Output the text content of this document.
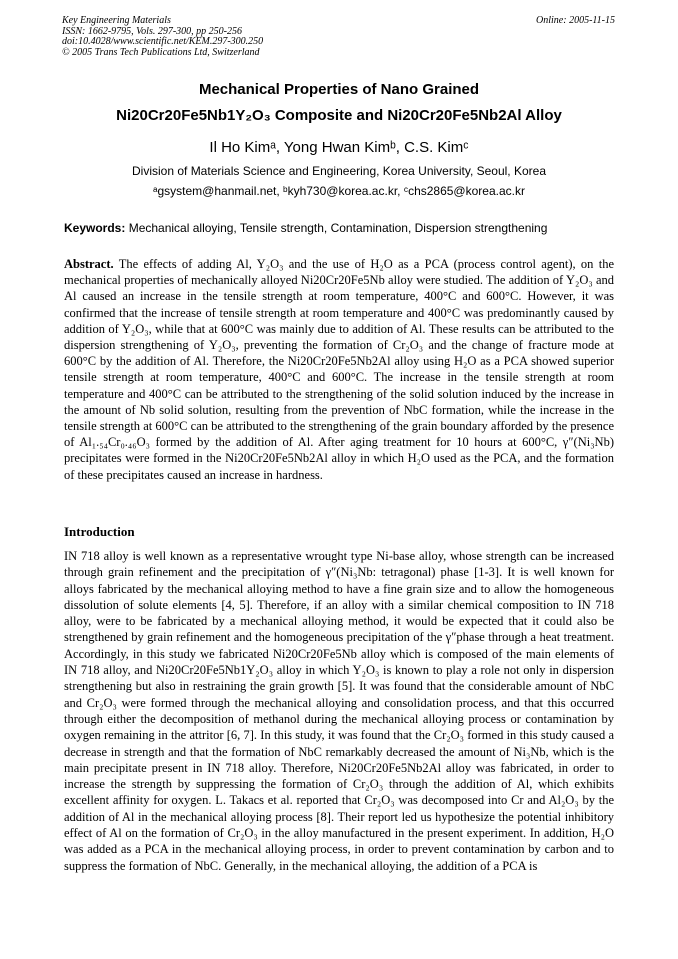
Key Engineering Materials
ISSN: 1662-9795, Vols. 297-300, pp 250-256
doi:10.4028/www.scientific.net/KEM.297-300.250
© 2005 Trans Tech Publications Ltd, Switzerland
Online: 2005-11-15
Mechanical Properties of Nano Grained
Ni20Cr20Fe5Nb1Y₂O₃ Composite and Ni20Cr20Fe5Nb2Al Alloy
Il Ho Kimᵃ, Yong Hwan Kimᵇ, C.S. Kimᶜ
Division of Materials Science and Engineering, Korea University, Seoul, Korea
ᵃgsystem@hanmail.net, ᵇkyh730@korea.ac.kr, ᶜchs2865@korea.ac.kr
Keywords: Mechanical alloying, Tensile strength, Contamination, Dispersion strengthening

Abstract. The effects of adding Al, Y₂O₃ and the use of H₂O as a PCA (process control agent), on the mechanical properties of mechanically alloyed Ni20Cr20Fe5Nb alloy were studied. The addition of Y₂O₃ and Al caused an increase in the tensile strength at room temperature, 400°C and 600°C. However, it was confirmed that the increase of tensile strength at room temperature and 400°C was predominantly caused by addition of Y₂O₃, while that at 600°C was mainly due to addition of Al. These results can be attributed to the dispersion strengthening of Y₂O₃, preventing the formation of Cr₂O₃ and the change of fracture mode at 600°C by the addition of Al. Therefore, the Ni20Cr20Fe5Nb2Al alloy using H₂O as a PCA showed superior tensile strength at room temperature, 400°C and 600°C. The increase in the tensile strength at room temperature and 400°C can be attributed to the strengthening of the solid solution induced by the increase in the amount of Nb solid solution, resulting from the prevention of NbC formation, while the increase in the tensile strength at 600°C can be attributed to the strengthening of the grain boundary afforded by the presence of Al₁.₅₄Cr₀.₄₆O₃ formed by the addition of Al. After aging treatment for 10 hours at 600°C, γ″(Ni₃Nb) precipitates were formed in the Ni20Cr20Fe5Nb2Al alloy in which H₂O used as the PCA, and the formation of these precipitates caused an increase in hardness.

Introduction

IN 718 alloy is well known as a representative wrought type Ni-base alloy, whose strength can be increased through grain refinement and the precipitation of γ″(Ni₃Nb: tetragonal) phase [1-3]. It is well known for alloys fabricated by the mechanical alloying method to have a fine grain size and to allow the homogeneous dissolution of solute elements [4, 5]. Therefore, if an alloy with a similar chemical composition to IN 718 alloy, were to be fabricated by a mechanical alloying method, it would be expected that it could also be strengthened by grain refinement and the homogeneous precipitation of the γ″phase through a heat treatment. Accordingly, in this study we fabricated Ni20Cr20Fe5Nb alloy which is composed of the main elements of IN 718 alloy, and Ni20Cr20Fe5Nb1Y₂O₃ alloy in which Y₂O₃ is known to play a role not only in dispersion strengthening but also in restraining the grain growth [5]. It was found that the considerable amount of NbC and Cr₂O₃ were formed through the mechanical alloying and consolidation process, and that this occurred through either the decomposition of methanol during the mechanical alloying process or contamination by oxygen remaining in the attritor [6, 7]. In this study, it was found that the Cr₂O₃ formed in this study caused a decrease in strength and that the formation of NbC remarkably decreased the amount of Ni₃Nb, which is the main precipitate present in IN 718 alloy. Therefore, Ni20Cr20Fe5Nb2Al alloy was fabricated, in order to increase the strength by suppressing the formation of Cr₂O₃ through the addition of Al, which exhibits excellent affinity for oxygen. L. Takacs et al. reported that Cr₂O₃ was decomposed into Cr and Al₂O₃ by the addition of Al in the mechanical alloying process [8]. Their report led us hypothesize the potential inhibitory effect of Al on the formation of Cr₂O₃ in the alloy manufactured in the present experiment. In addition, H₂O was added as a PCA in the mechanical alloying process, in order to prevent contamination by carbon and to suppress the formation of NbC. Generally, in the mechanical alloying, the addition of a PCA is
